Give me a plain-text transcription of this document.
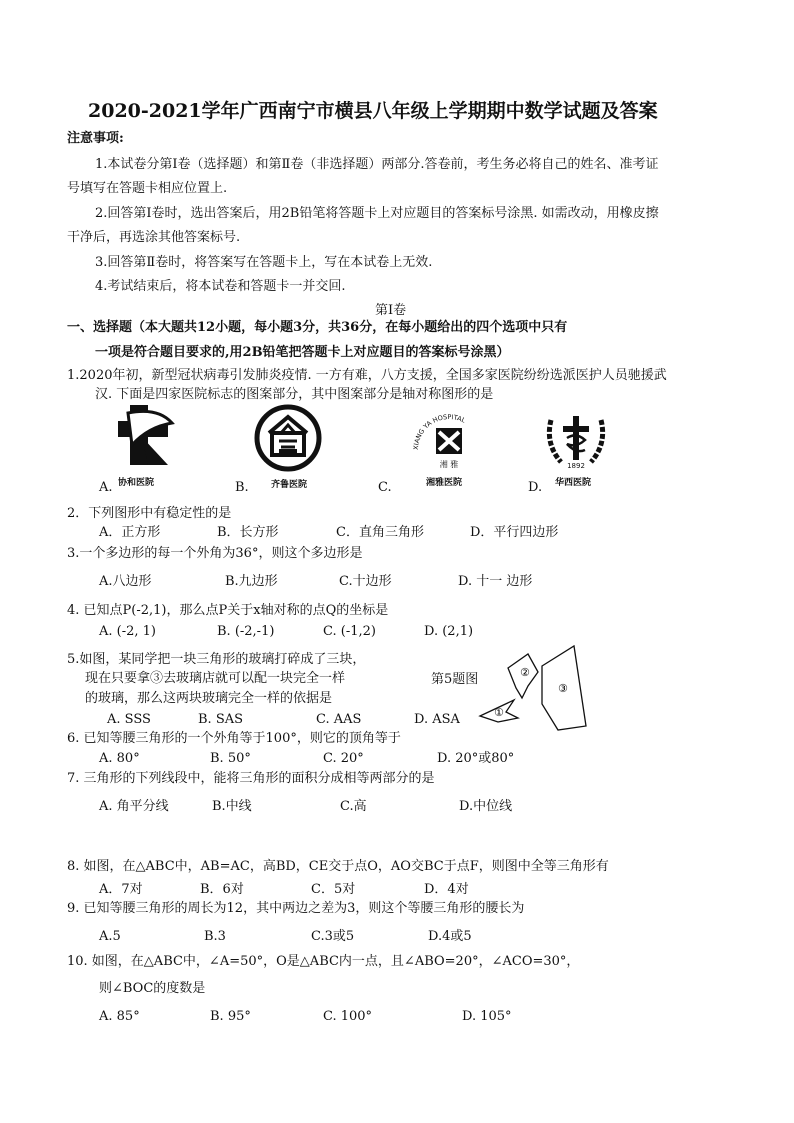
2020-2021学年广西南宁市横县八年级上学期期中数学试题及答案
注意事项:
1.本试卷分第Ⅰ卷（选择题）和第Ⅱ卷（非选择题）两部分.答卷前，考生务必将自己的姓名、准考证
号填写在答题卡相应位置上.
2.回答第Ⅰ卷时，选出答案后，用2B铅笔将答题卡上对应题目的答案标号涂黑. 如需改动，用橡皮擦
干净后，再选涂其他答案标号.
3.回答第Ⅱ卷时，将答案写在答题卡上，写在本试卷上无效.
4.考试结束后，将本试卷和答题卡一并交回.
第Ⅰ卷
一、选择题（本大题共12小题，每小题3分，共36分，在每小题给出的四个选项中只有
一项是符合题目要求的,用2B铅笔把答题卡上对应题目的答案标号涂黑）
1.2020年初，新型冠状病毒引发肺炎疫情. 一方有难，八方支援，全国多家医院纷纷选派医护人员驰援武
汉. 下面是四家医院标志的图案部分，其中图案部分是轴对称图形的是
XIANG YA HOSPITAL
湘 雅	1892
A. 协和医院	B. 齐鲁医院	C.	湘雅医院	D. 华西医院
2．下列图形中有稳定性的是
A．正方形	B．长方形	C．直角三角形	D．平行四边形
3.一个多边形的每一个外角为36°，则这个多边形是
A.八边形	B.九边形	C.十边形	D. 十一 边形
4. 已知点P(-2,1)，那么点P关于x轴对称的点Q的坐标是
A. (-2, 1)	B. (-2,-1)	C. (-1,2)	D. (2,1)
5.如图，某同学把一块三角形的玻璃打碎成了三块，
现在只要拿③去玻璃店就可以配一块完全一样
的玻璃，那么这两块玻璃完全一样的依据是
第5题图
A. SSS	B. SAS	C. AAS	D. ASA	①
②
③
6. 已知等腰三角形的一个外角等于100°，则它的顶角等于
A. 80°	B. 50°	C. 20°	D. 20°或80°
7. 三角形的下列线段中，能将三角形的面积分成相等两部分的是
A. 角平分线	B.中线	C.高	D.中位线
8. 如图，在△ABC中，AB=AC，高BD，CE交于点O，AO交BC于点F，则图中全等三角形有
A．7对	B．6对	C．5对	D．4对
9. 已知等腰三角形的周长为12，其中两边之差为3，则这个等腰三角形的腰长为
A.5	B.3	C.3或5	D.4或5
10. 如图，在△ABC中，∠A=50°，O是△ABC内一点，且∠ABO=20°，∠ACO=30°，
则∠BOC的度数是
A. 85°	B. 95°	C. 100°	D. 105°
